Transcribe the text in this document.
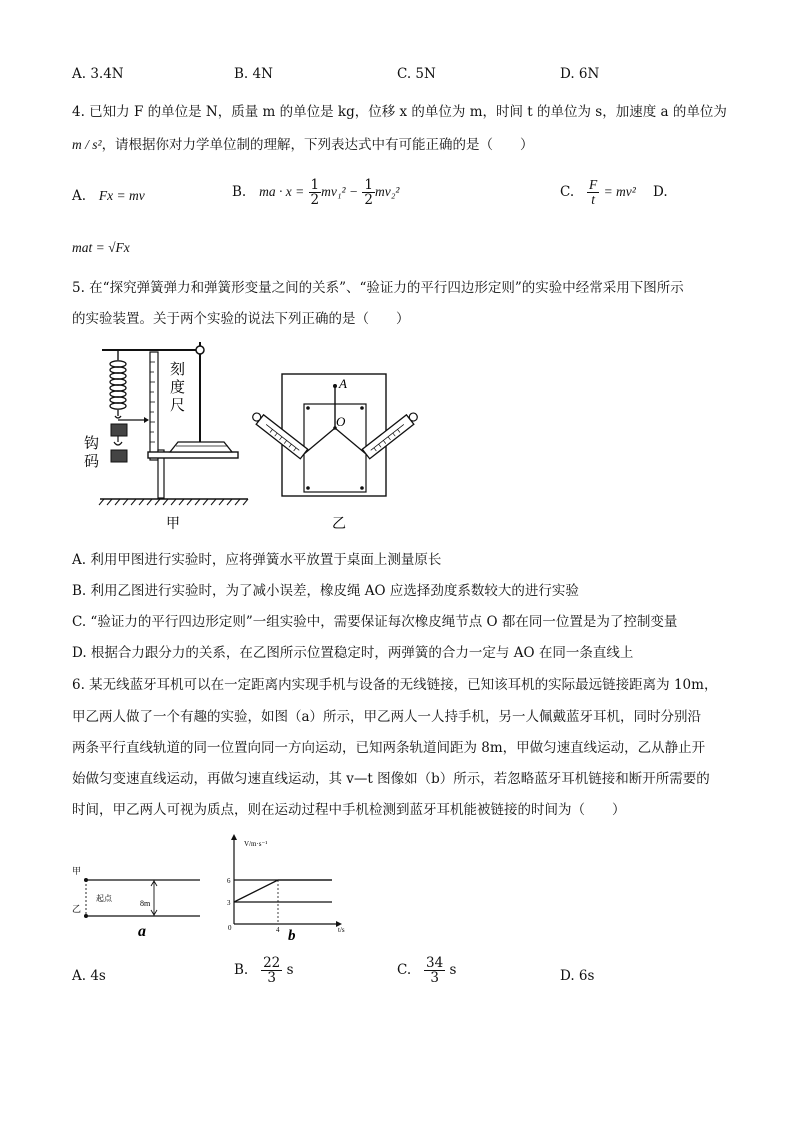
A. 3.4N	B. 4N	C. 5N	D. 6N
4. 已知力 F 的单位是 N，质量 m 的单位是 kg，位移 x 的单位为 m，时间 t 的单位为 s，加速度 a 的单位为
m / s²，请根据你对力学单位制的理解，下列表达式中有可能正确的是（　　）
A. Fx = mv	B. ma · $x = \frac{1}{2} mv_1^2 - \frac{1}{2} mv_2^2$	C. $\frac{F}{t} = mv^2$ D.
mat = √Fx
5. 在“探究弹簧弹力和弹簧形变量之间的关系”、“验证力的平行四边形定则”的实验中经常采用下图所示
的实验装置。关于两个实验的说法下列正确的是（　　）
刻
度
尺
钩
码
甲
A
O
乙
A. 利用甲图进行实验时，应将弹簧水平放置于桌面上测量原长
B. 利用乙图进行实验时，为了减小误差，橡皮绳 AO 应选择劲度系数较大的进行实验
C. “验证力的平行四边形定则”一组实验中，需要保证每次橡皮绳节点 O 都在同一位置是为了控制变量
D. 根据合力跟分力的关系，在乙图所示位置稳定时，两弹簧的合力一定与 AO 在同一条直线上
6. 某无线蓝牙耳机可以在一定距离内实现手机与设备的无线链接，已知该耳机的实际最远链接距离为 10m，
甲乙两人做了一个有趣的实验，如图（a）所示，甲乙两人一人持手机，另一人佩戴蓝牙耳机，同时分别沿
两条平行直线轨道的同一位置向同一方向运动，已知两条轨道间距为 8m，甲做匀速直线运动，乙从静止开
始做匀变速直线运动，再做匀速直线运动，其 v—t 图像如（b）所示，若忽略蓝牙耳机链接和断开所需要的
时间，甲乙两人可视为质点，则在运动过程中手机检测到蓝牙耳机能被链接的时间为（　　）
甲
乙
起点
8m
a
V/m·s⁻¹
t/s
0
6
3
4 b
A. 4s	B. $\frac{22}{3}$ s	C. $\frac{34}{3}$ s	D. 6s
